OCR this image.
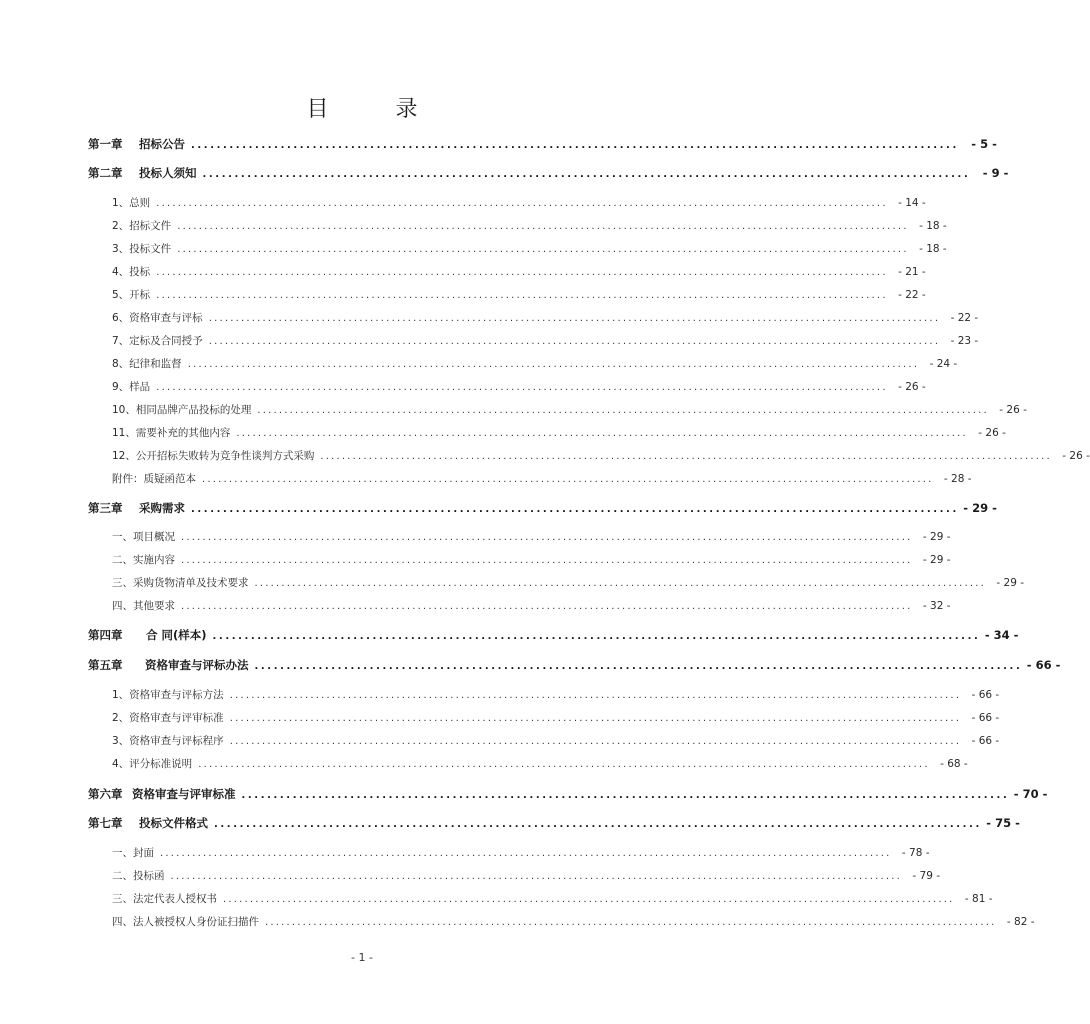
目 录
第一章 招标公告 ........................................................................................................................	- 5 -
第二章 投标人须知 ........................................................................................................................	- 9 -
1、总则 ........................................................................................................................................ - 14 -
2、招标文件 ........................................................................................................................................ - 18 -
3、投标文件 ........................................................................................................................................ - 18 -
4、投标 ........................................................................................................................................ - 21 -
5、开标 ........................................................................................................................................ - 22 -
6、资格审查与评标 ........................................................................................................................................ - 22 -
7、定标及合同授予 ........................................................................................................................................ - 23 -
8、纪律和监督 ........................................................................................................................................ - 24 -
9、样品 ........................................................................................................................................ - 26 -
10、相同品牌产品投标的处理 ........................................................................................................................................ - 26 -
11、需要补充的其他内容 ........................................................................................................................................ - 26 -
12、公开招标失败转为竞争性谈判方式采购 ........................................................................................................................................ - 26 -
附件：质疑函范本 ........................................................................................................................................ - 28 -
第三章 采购需求 ........................................................................................................................ - 29 -
一、项目概况 ........................................................................................................................................ - 29 -
二、实施内容 ........................................................................................................................................ - 29 -
三、采购货物清单及技术要求 ........................................................................................................................................ - 29 -
四、其他要求 ........................................................................................................................................ - 32 -
第四章 合 同(样本) ........................................................................................................................ - 34 -
第五章 资格审查与评标办法 ........................................................................................................................ - 66 -
1、资格审查与评标方法 ........................................................................................................................................ - 66 -
2、资格审查与评审标准 ........................................................................................................................................ - 66 -
3、资格审查与评标程序 ........................................................................................................................................ - 66 -
4、评分标准说明 ........................................................................................................................................ - 68 -
第六章 资格审查与评审标准 ........................................................................................................................ - 70 -
第七章 投标文件格式 ........................................................................................................................ - 75 -
一、封面 ........................................................................................................................................ - 78 -
二、投标函 ........................................................................................................................................ - 79 -
三、法定代表人授权书 ........................................................................................................................................ - 81 -
四、法人被授权人身份证扫描件 ........................................................................................................................................ - 82 -
- 1 -
